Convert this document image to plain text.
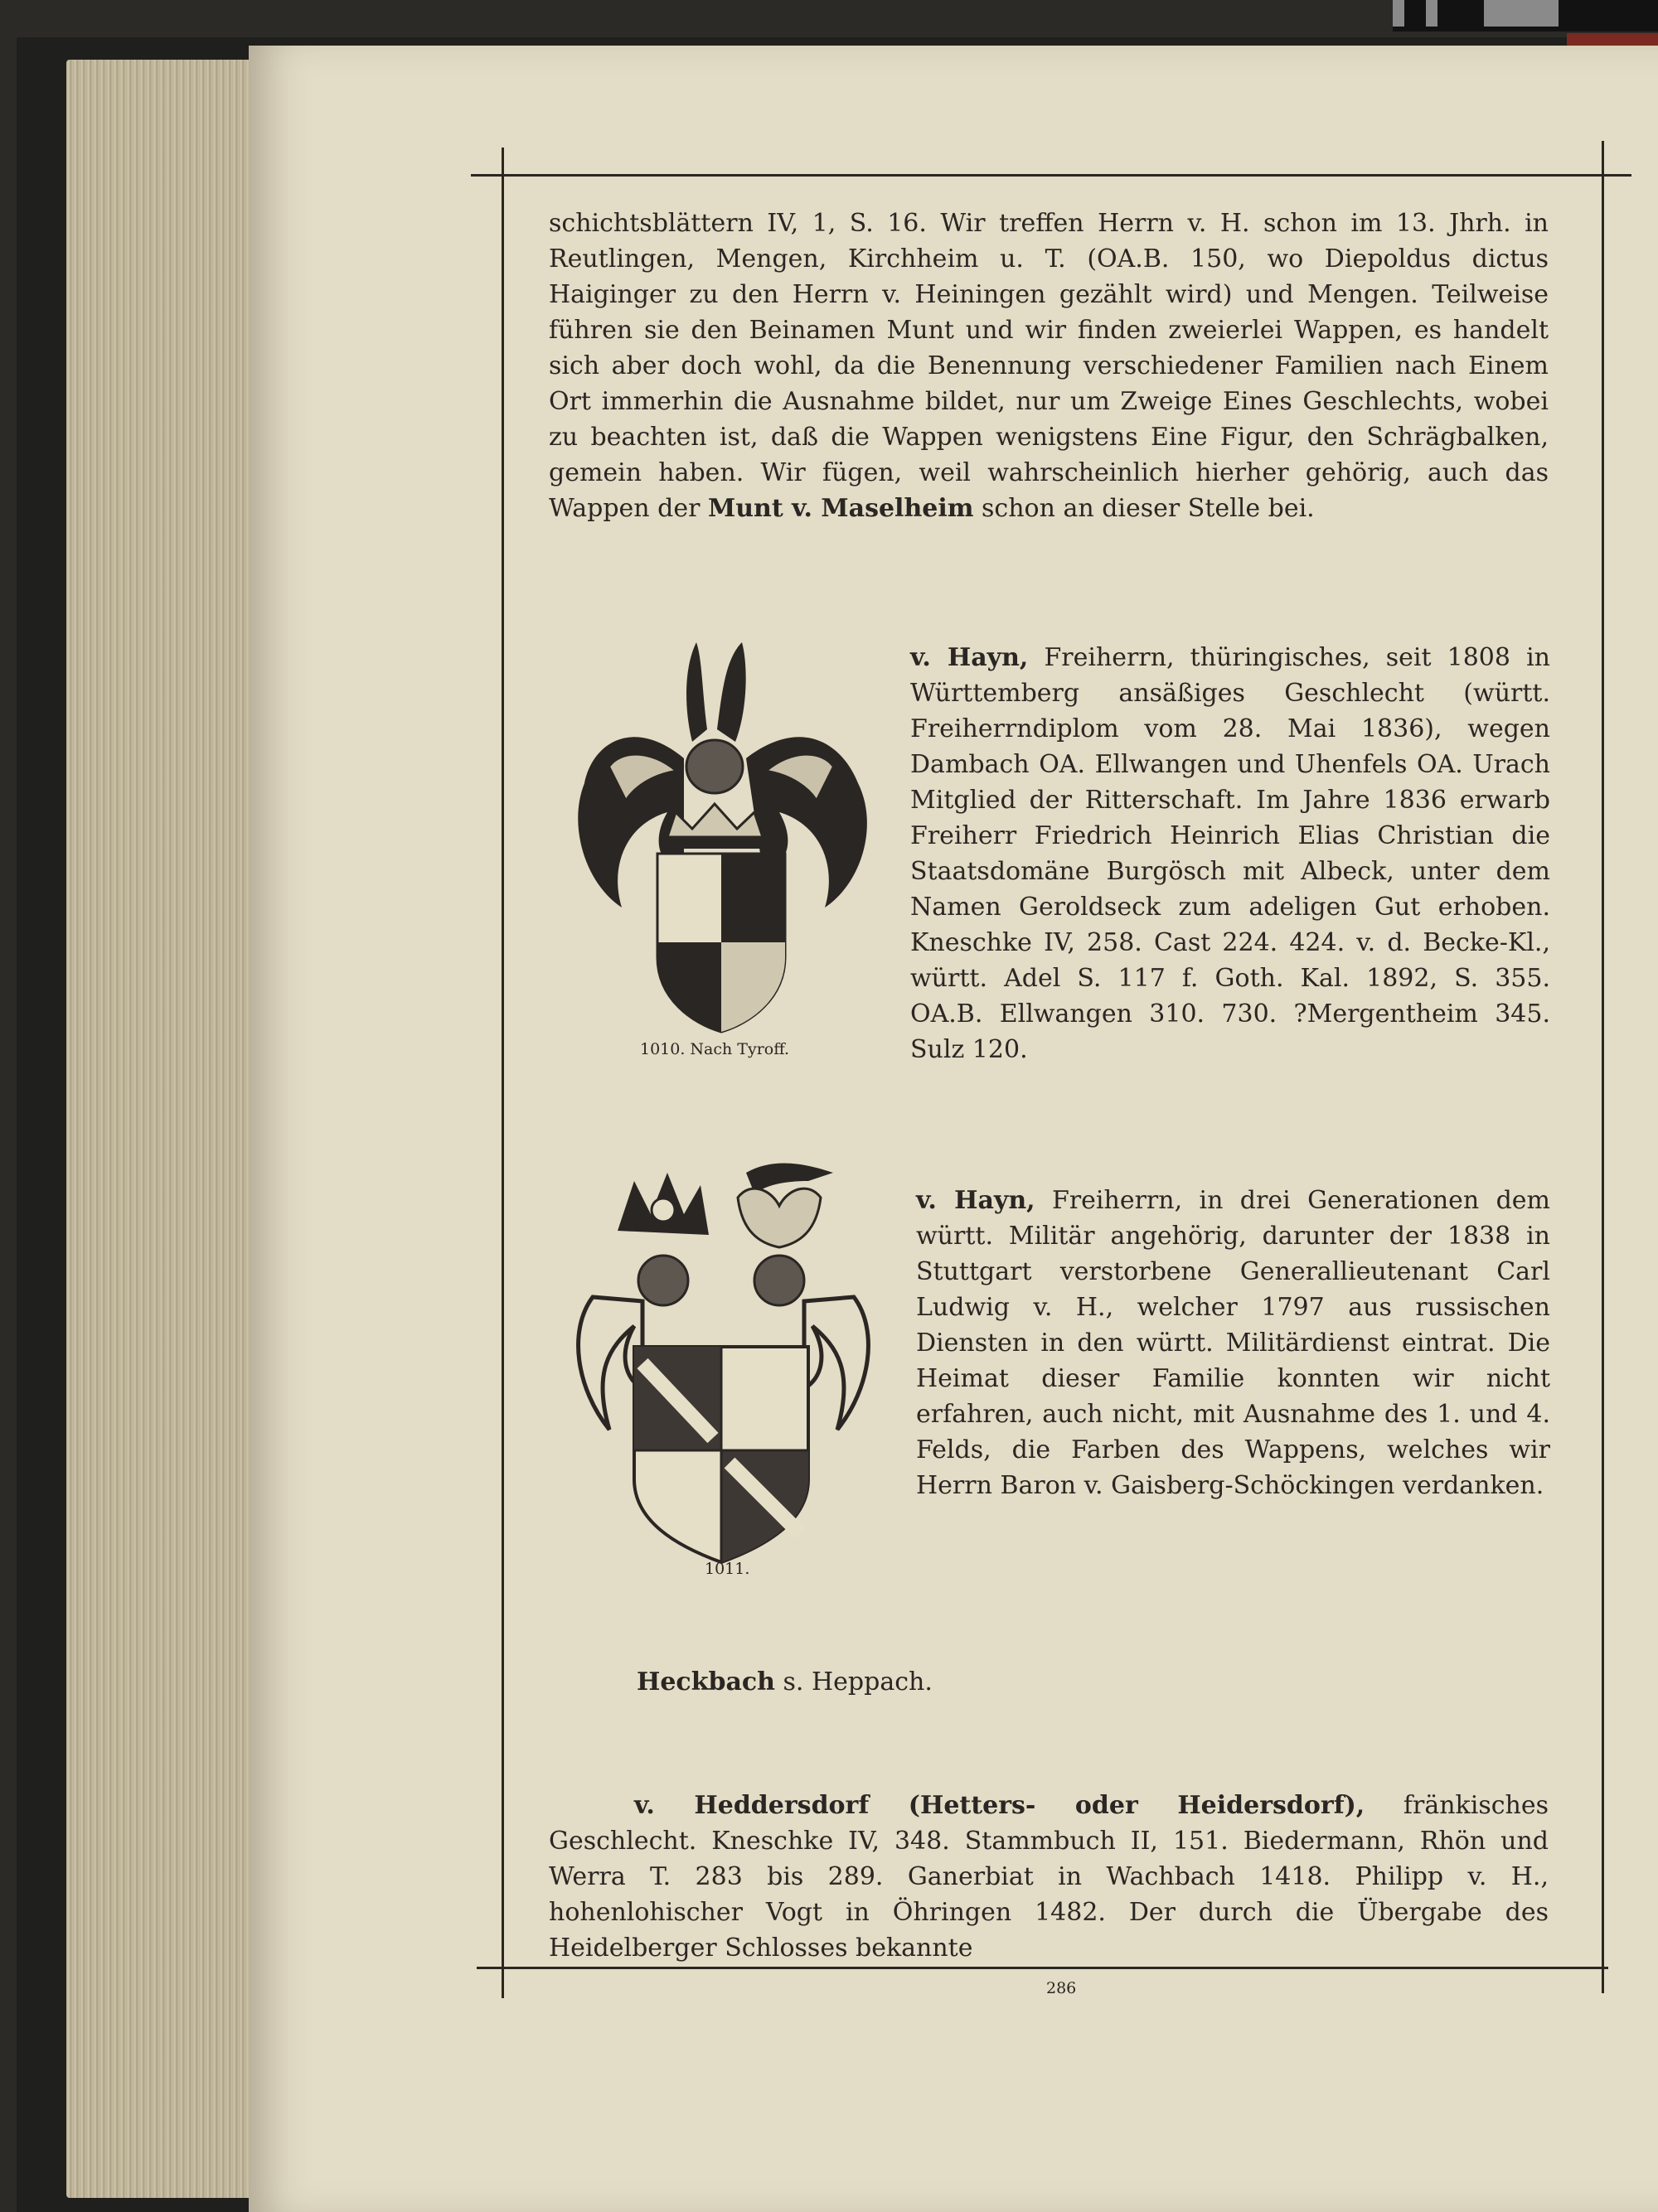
schichtsblättern IV, 1, S. 16. Wir treffen Herrn v. H. schon im 13. Jhrh. in Reutlingen, Mengen, Kirchheim u. T. (OA.B. 150, wo Diepoldus dictus Haiginger zu den Herrn v. Heiningen gezählt wird) und Mengen. Teilweise führen sie den Beinamen Munt und wir finden zweierlei Wappen, es handelt sich aber doch wohl, da die Benennung verschiedener Familien nach Einem Ort immerhin die Ausnahme bildet, nur um Zweige Eines Geschlechts, wobei zu beachten ist, daß die Wappen wenigstens Eine Figur, den Schrägbalken, gemein haben. Wir fügen, weil wahrscheinlich hierher gehörig, auch das Wappen der Munt v. Maselheim schon an dieser Stelle bei.
1010. Nach Tyroff.
v. Hayn, Freiherrn, thüringisches, seit 1808 in Württemberg ansäßiges Geschlecht (württ. Freiherrndiplom vom 28. Mai 1836), wegen Dambach OA. Ellwangen und Uhenfels OA. Urach Mitglied der Ritterschaft. Im Jahre 1836 erwarb Freiherr Friedrich Heinrich Elias Christian die Staatsdomäne Burgösch mit Albeck, unter dem Namen Geroldseck zum adeligen Gut erhoben. Kneschke IV, 258. Cast 224. 424. v. d. Becke-Kl., württ. Adel S. 117 f. Goth. Kal. 1892, S. 355. OA.B. Ellwangen 310. 730. ?Mergentheim 345. Sulz 120.
1011.
v. Hayn, Freiherrn, in drei Generationen dem württ. Militär angehörig, darunter der 1838 in Stuttgart verstorbene Generallieutenant Carl Ludwig v. H., welcher 1797 aus russischen Diensten in den württ. Militärdienst eintrat. Die Heimat dieser Familie konnten wir nicht erfahren, auch nicht, mit Ausnahme des 1. und 4. Felds, die Farben des Wappens, welches wir Herrn Baron v. Gaisberg-Schöckingen verdanken.
Heckbach s. Heppach.
v. Heddersdorf (Hetters- oder Heidersdorf), fränkisches Geschlecht. Kneschke IV, 348. Stammbuch II, 151. Biedermann, Rhön und Werra T. 283 bis 289. Ganerbiat in Wachbach 1418. Philipp v. H., hohenlohischer Vogt in Öhringen 1482. Der durch die Übergabe des Heidelberger Schlosses bekannte
286
